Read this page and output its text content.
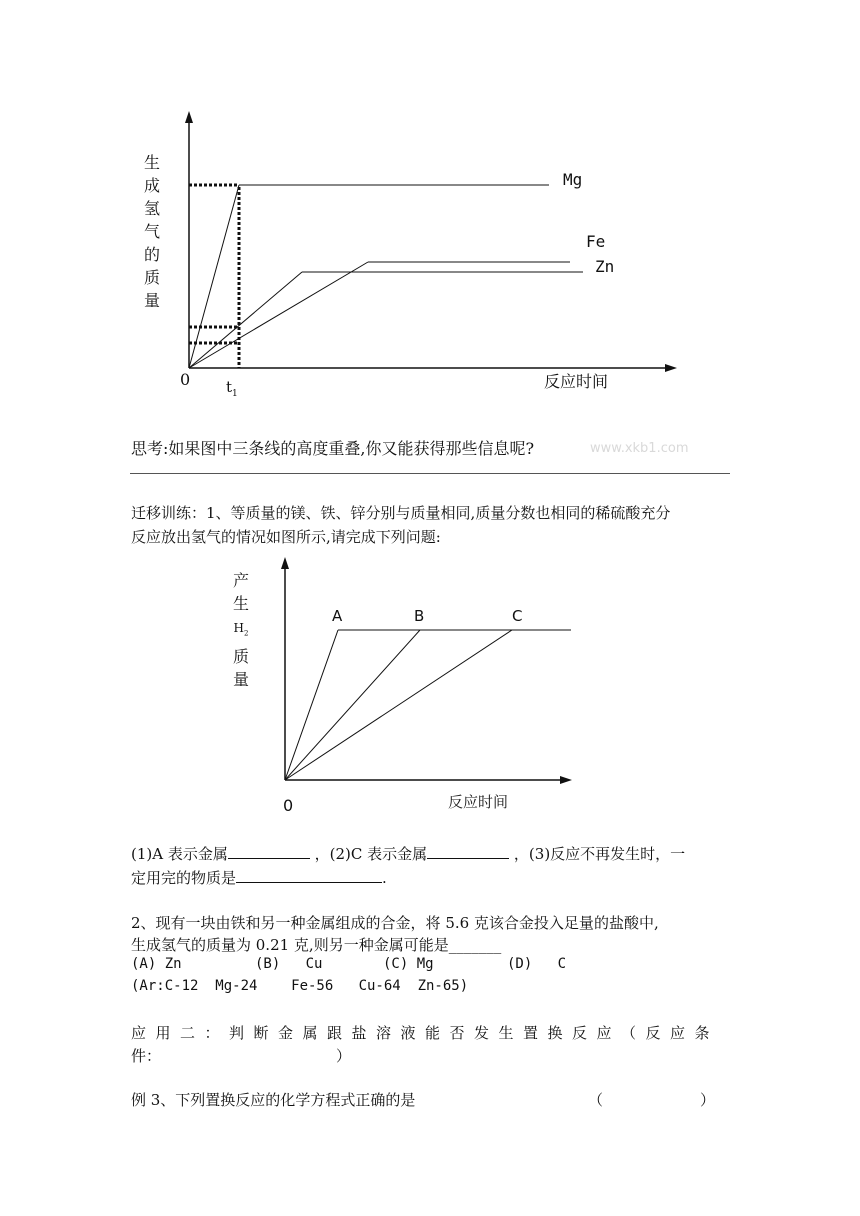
生
成
氢
气
的
质
量
Mg
Fe
Zn
0 $t_1$
反应时间
思考:如果图中三条线的高度重叠,你又能获得那些信息呢?	www.xkb1.com
迁移训练：1、等质量的镁、铁、锌分别与质量相同,质量分数也相同的稀硫酸充分
反应放出氢气的情况如图所示,请完成下列问题:
产
生
$H_2$
质
量
A	B	C
0	反应时间
(1)A 表示金属	，(2)C 表示金属	，(3)反应不再发生时，一
定用完的物质是	.
2、现有一块由铁和另一种金属组成的合金，将 5.6 克该合金投入足量的盐酸中,
生成氢气的质量为 0.21 克,则另一种金属可能是_______
(A) Zn	(B)   Cu	(C) Mg	(D)   C
(Ar:C-12  Mg-24    Fe-56   Cu-64  Zn-65)
应用二：判断金属跟盐溶液能否发生置换反应（反应条
件：	）
例 3、下列置换反应的化学方程式正确的是	（	）
